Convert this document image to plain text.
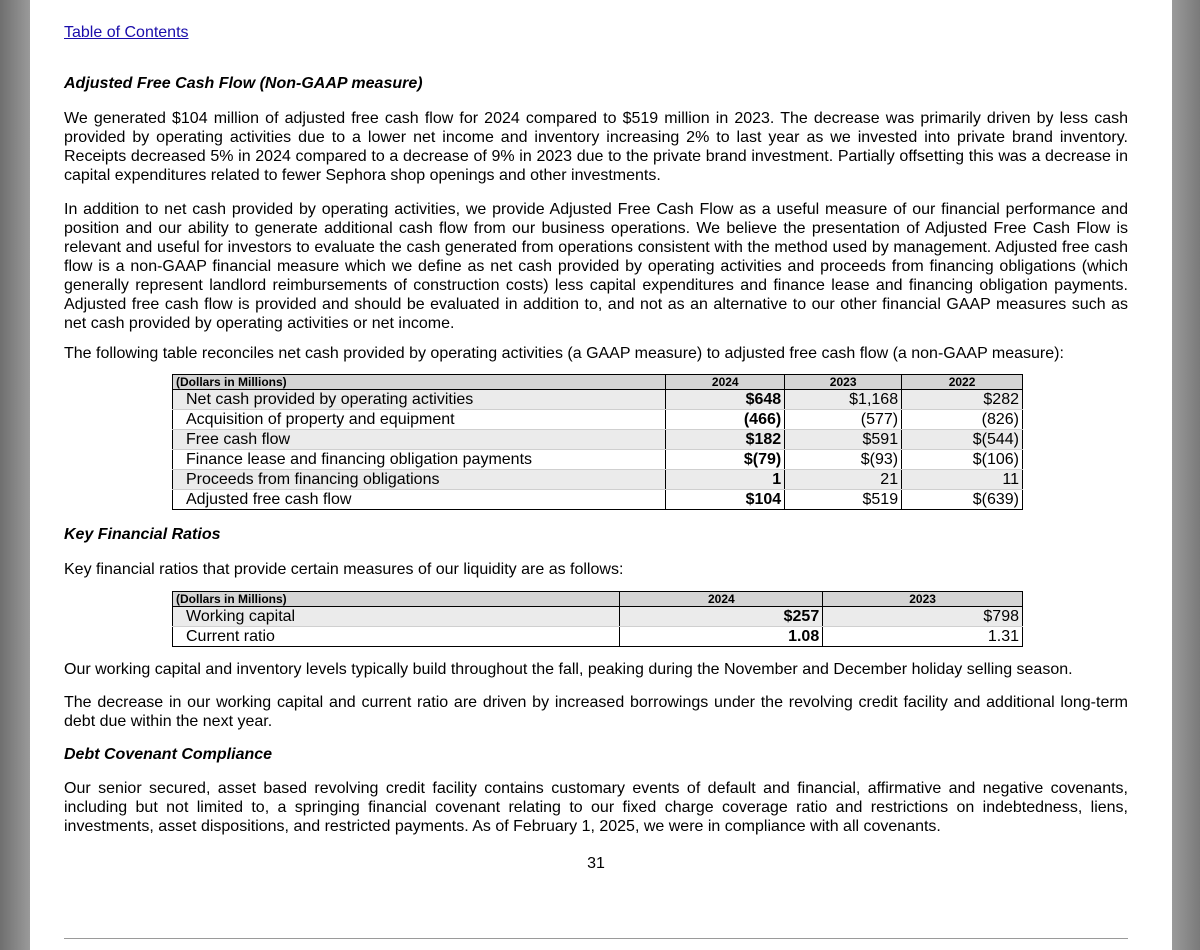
Table of Contents
Adjusted Free Cash Flow (Non-GAAP measure)
We generated $104 million of adjusted free cash flow for 2024 compared to $519 million in 2023. The decrease was primarily driven by less cash provided by operating activities due to a lower net income and inventory increasing 2% to last year as we invested into private brand inventory. Receipts decreased 5% in 2024 compared to a decrease of 9% in 2023 due to the private brand investment. Partially offsetting this was a decrease in capital expenditures related to fewer Sephora shop openings and other investments.
In addition to net cash provided by operating activities, we provide Adjusted Free Cash Flow as a useful measure of our financial performance and position and our ability to generate additional cash flow from our business operations. We believe the presentation of Adjusted Free Cash Flow is relevant and useful for investors to evaluate the cash generated from operations consistent with the method used by management. Adjusted free cash flow is a non-GAAP financial measure which we define as net cash provided by operating activities and proceeds from financing obligations (which generally represent landlord reimbursements of construction costs) less capital expenditures and finance lease and financing obligation payments. Adjusted free cash flow is provided and should be evaluated in addition to, and not as an alternative to our other financial GAAP measures such as net cash provided by operating activities or net income.
The following table reconciles net cash provided by operating activities (a GAAP measure) to adjusted free cash flow (a non-GAAP measure):
(Dollars in Millions)	2024	2023	2022
Net cash provided by operating activities	$648	$1,168	$282
Acquisition of property and equipment	(466)	(577)	(826)
Free cash flow	$182	$591	$(544)
Finance lease and financing obligation payments	$(79)	$(93)	$(106)
Proceeds from financing obligations	1	21	11
Adjusted free cash flow	$104	$519	$(639)
Key Financial Ratios
Key financial ratios that provide certain measures of our liquidity are as follows:
(Dollars in Millions)	2024	2023
Working capital	$257	$798
Current ratio	1.08	1.31
Our working capital and inventory levels typically build throughout the fall, peaking during the November and December holiday selling season.
The decrease in our working capital and current ratio are driven by increased borrowings under the revolving credit facility and additional long-term debt due within the next year.
Debt Covenant Compliance
Our senior secured, asset based revolving credit facility contains customary events of default and financial, affirmative and negative covenants, including but not limited to, a springing financial covenant relating to our fixed charge coverage ratio and restrictions on indebtedness, liens, investments, asset dispositions, and restricted payments. As of February 1, 2025, we were in compliance with all covenants.
31
